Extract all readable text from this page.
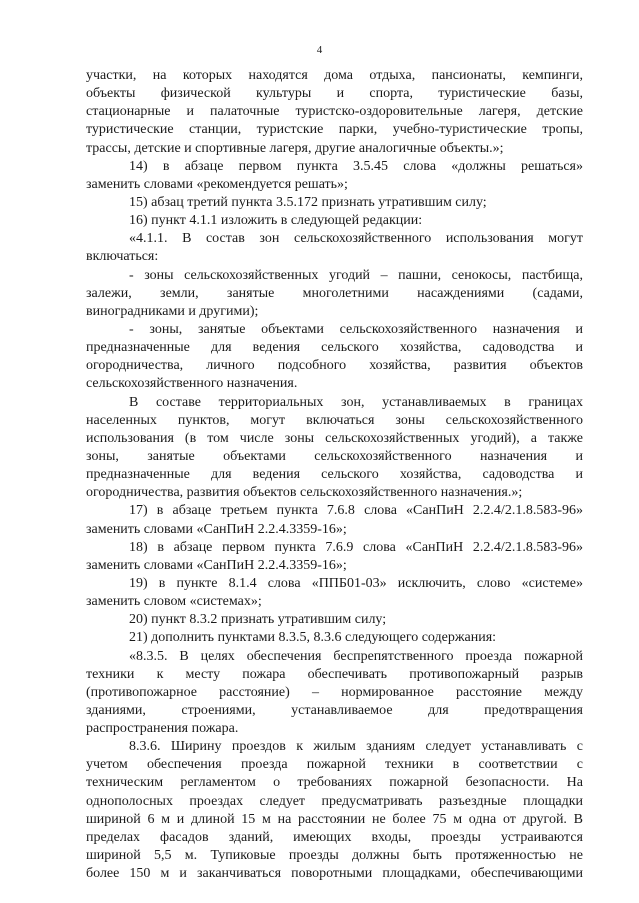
4
участки, на которых находятся дома отдыха, пансионаты, кемпинги,
объекты физической культуры и спорта, туристические базы,
стационарные и палаточные туристско-оздоровительные лагеря, детские
туристические станции, туристские парки, учебно-туристические тропы,
трассы, детские и спортивные лагеря, другие аналогичные объекты.»;
14) в абзаце первом пункта 3.5.45 слова «должны решаться»
заменить словами «рекомендуется решать»;
15) абзац третий пункта 3.5.172 признать утратившим силу;
16) пункт 4.1.1 изложить в следующей редакции:
«4.1.1. В состав зон сельскохозяйственного использования могут
включаться:
- зоны сельскохозяйственных угодий – пашни, сенокосы, пастбища,
залежи, земли, занятые многолетними насаждениями (садами,
виноградниками и другими);
- зоны, занятые объектами сельскохозяйственного назначения и
предназначенные для ведения сельского хозяйства, садоводства и
огородничества, личного подсобного хозяйства, развития объектов
сельскохозяйственного назначения.
В составе территориальных зон, устанавливаемых в границах
населенных пунктов, могут включаться зоны сельскохозяйственного
использования (в том числе зоны сельскохозяйственных угодий), а также
зоны, занятые объектами сельскохозяйственного назначения и
предназначенные для ведения сельского хозяйства, садоводства и
огородничества, развития объектов сельскохозяйственного назначения.»;
17) в абзаце третьем пункта 7.6.8 слова «СанПиН 2.2.4/2.1.8.583-96»
заменить словами «СанПиН 2.2.4.3359-16»;
18) в абзаце первом пункта 7.6.9 слова «СанПиН 2.2.4/2.1.8.583-96»
заменить словами «СанПиН 2.2.4.3359-16»;
19) в пункте 8.1.4 слова «ППБ01-03» исключить, слово «системе»
заменить словом «системах»;
20) пункт 8.3.2 признать утратившим силу;
21) дополнить пунктами 8.3.5, 8.3.6 следующего содержания:
«8.3.5. В целях обеспечения беспрепятственного проезда пожарной
техники к месту пожара обеспечивать противопожарный разрыв
(противопожарное расстояние) – нормированное расстояние между
зданиями, строениями, устанавливаемое для предотвращения
распространения пожара.
8.3.6. Ширину проездов к жилым зданиям следует устанавливать с
учетом обеспечения проезда пожарной техники в соответствии с
техническим регламентом о требованиях пожарной безопасности. На
однополосных проездах следует предусматривать разъездные площадки
шириной 6 м и длиной 15 м на расстоянии не более 75 м одна от другой. В
пределах фасадов зданий, имеющих входы, проезды устраиваются
шириной 5,5 м. Тупиковые проезды должны быть протяженностью не
более 150 м и заканчиваться поворотными площадками, обеспечивающими
